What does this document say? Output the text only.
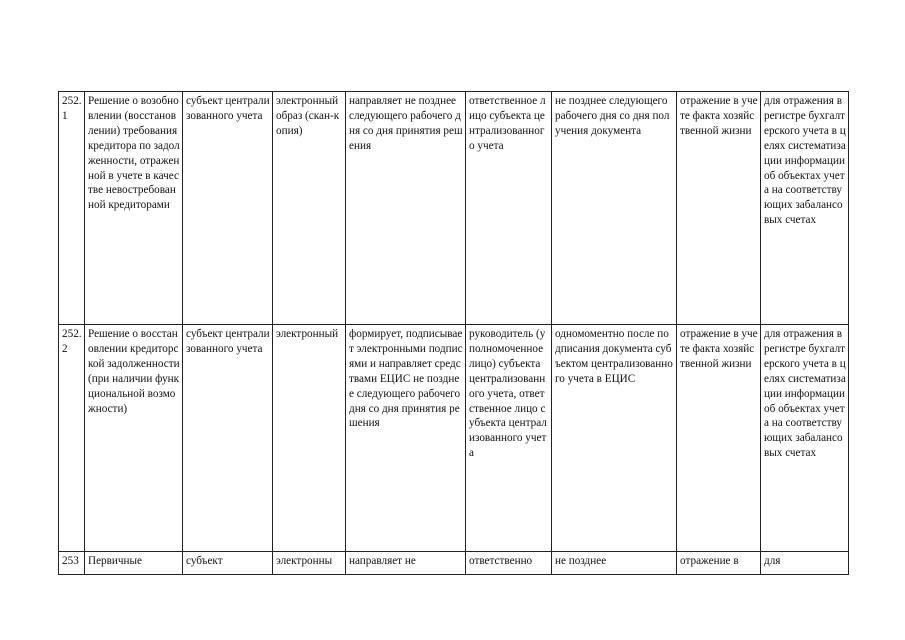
252.1	Решение о возобновлении (восстановлении) требования кредитора по задолженности, отраженной в учете в качестве невостребованной кредиторами	субъект централизованного учета	электронный образ (скан-копия)	направляет не позднее следующего рабочего дня со дня принятия решения	ответственное лицо субъекта централизованного учета	не позднее следующего рабочего дня со дня получения документа	отражение в учете факта хозяйственной жизни	для отражения в регистре бухгалтерского учета в целях систематизации информации об объектах учета на соответствующих забалансовых счетах
252.2	Решение о восстановлении кредиторской задолженности (при наличии функциональной возможности)	субъект централизованного учета	электронный	формирует, подписывает электронными подписями и направляет средствами ЕЦИС не позднее следующего рабочего дня со дня принятия решения	руководитель (уполномоченное лицо) субъекта централизованного учета, ответственное лицо субъекта централизованного учета	одномоментно после подписания документа субъектом централизованного учета в ЕЦИС	отражение в учете факта хозяйственной жизни	для отражения в регистре бухгалтерского учета в целях систематизации информации об объектах учета на соответствующих забалансовых счетах
253	Первичные	субъект	электронны	направляет не	ответственно	не позднее	отражение в	для
